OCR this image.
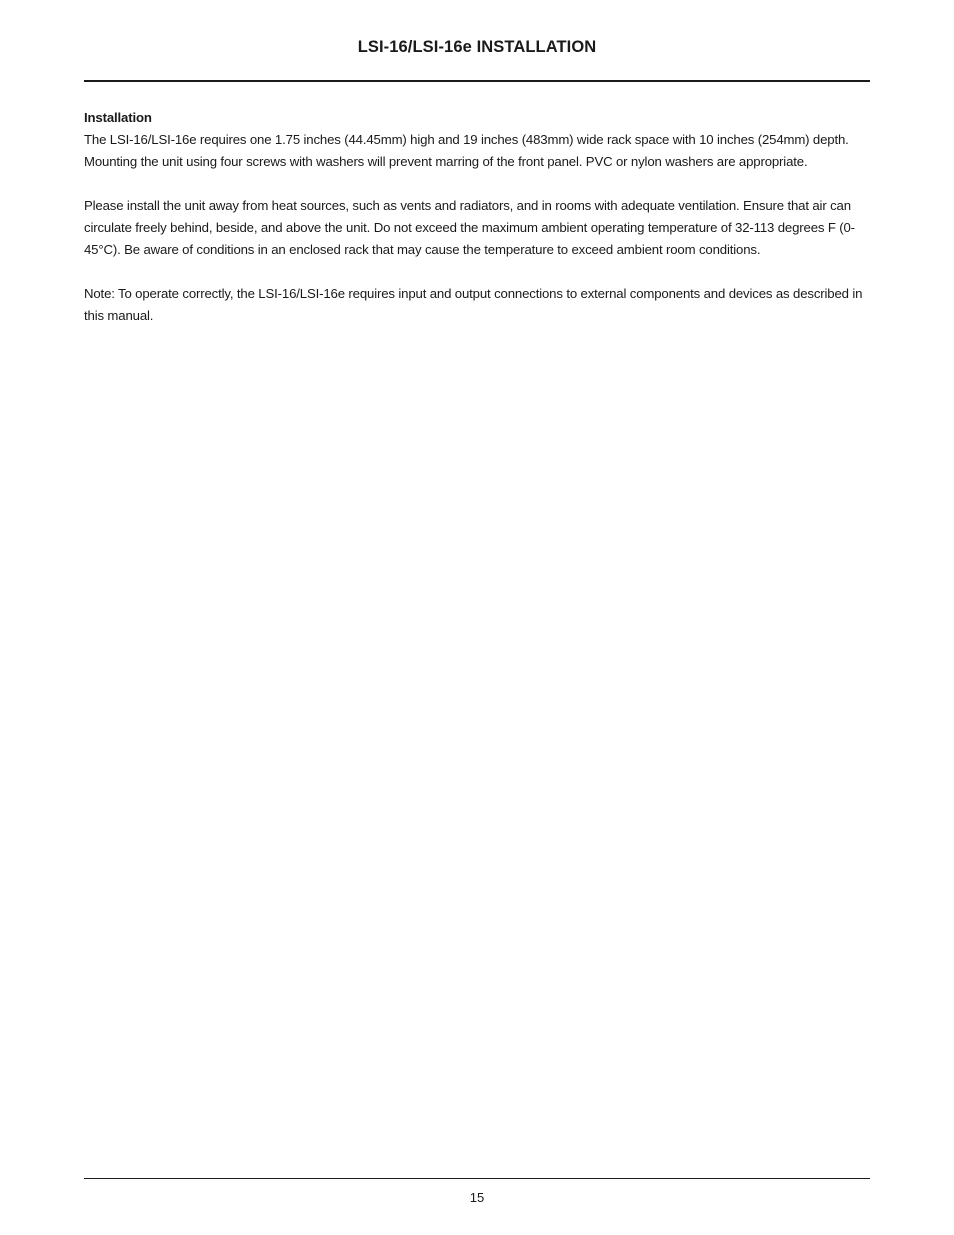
LSI-16/LSI-16e INSTALLATION

Installation

The LSI-16/LSI-16e requires one 1.75 inches (44.45mm) high and 19 inches (483mm) wide rack space with 10 inches (254mm) depth. Mounting the unit using four screws with washers will prevent marring of the front panel. PVC or nylon washers are appropriate.

Please install the unit away from heat sources, such as vents and radiators, and in rooms with adequate ventilation. Ensure that air can circulate freely behind, beside, and above the unit. Do not exceed the maximum ambient operating temperature of 32-113 degrees F (0-45°C). Be aware of conditions in an enclosed rack that may cause the temperature to exceed ambient room conditions.

Note: To operate correctly, the LSI-16/LSI-16e requires input and output connections to external components and devices as described in this manual.

15
